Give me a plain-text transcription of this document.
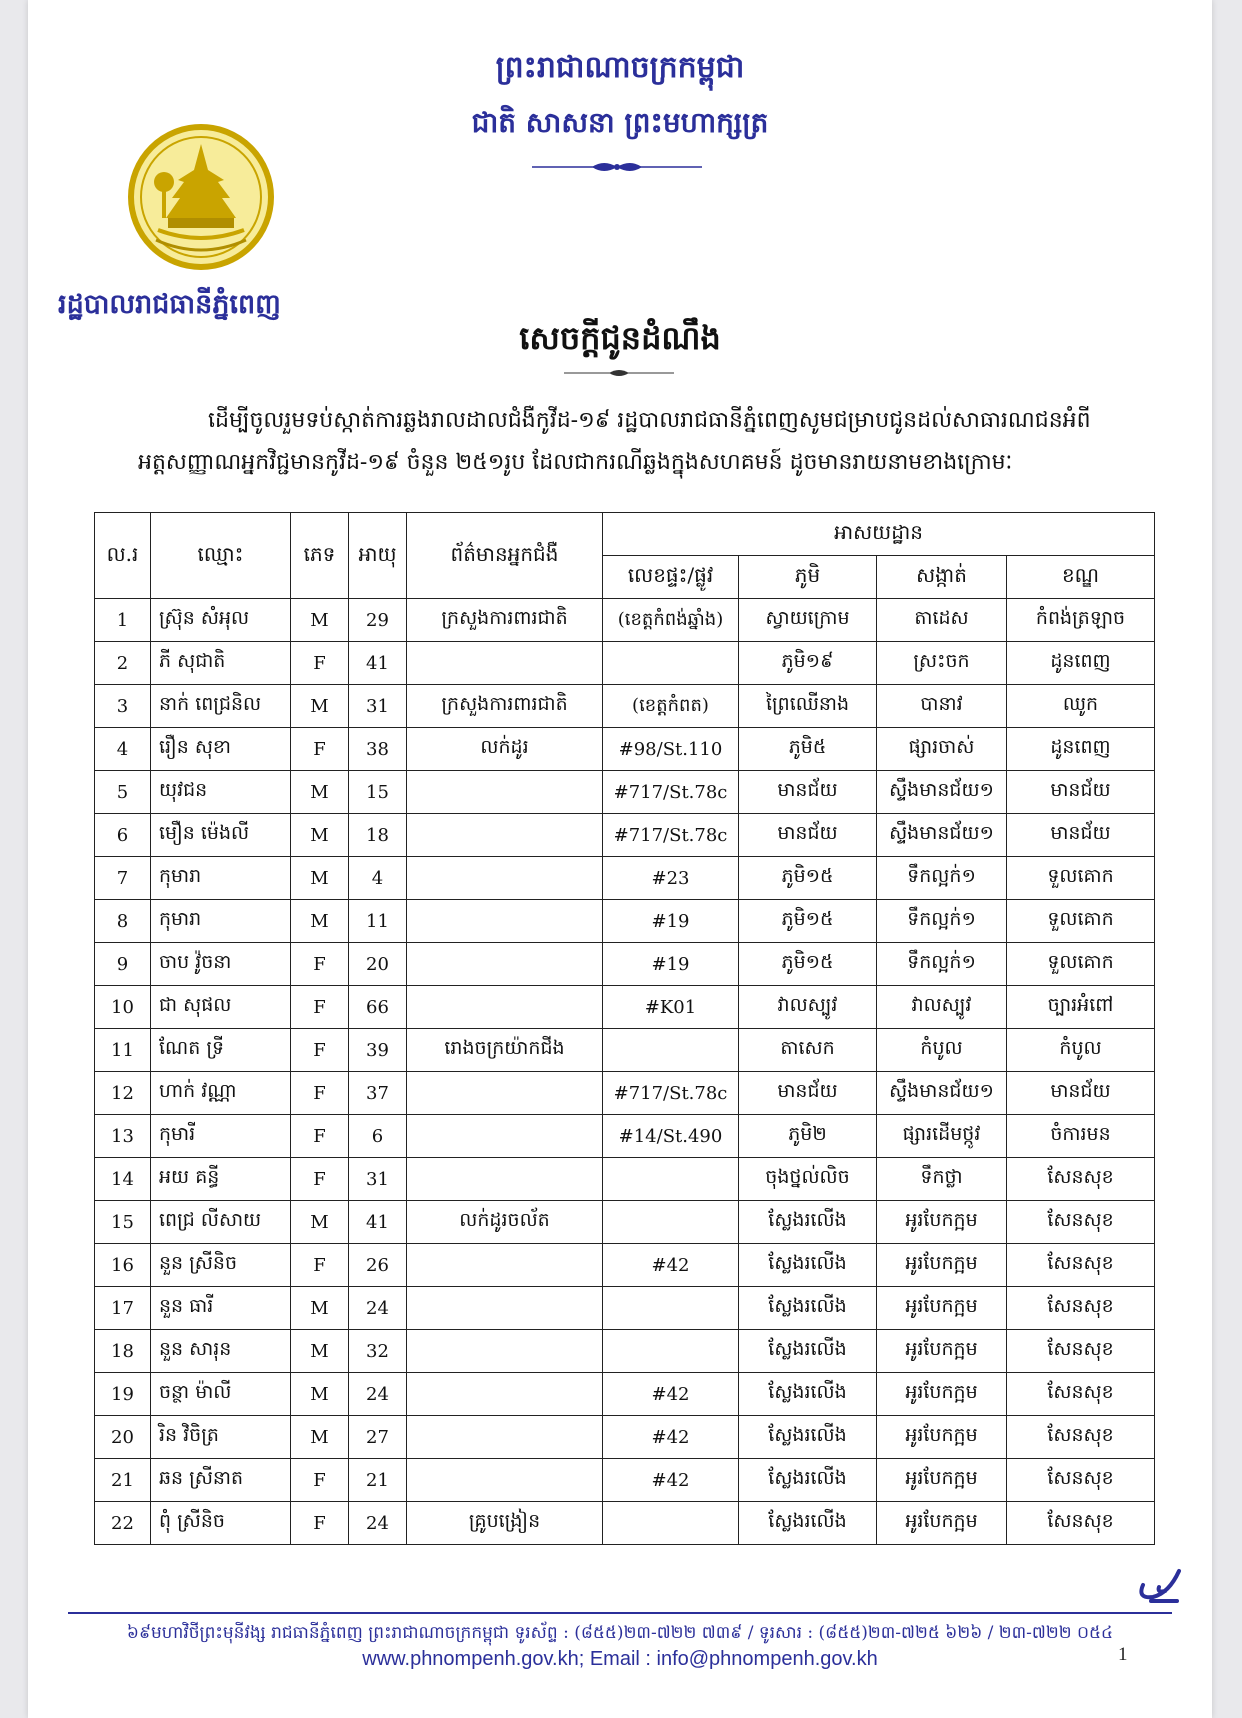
ព្រះរាជាណាចក្រកម្ពុជា
ជាតិ សាសនា ព្រះមហាក្សត្រ
រដ្ឋបាលរាជធានីភ្នំពេញ
សេចក្តីជូនដំណឹង
ដើម្បីចូលរួមទប់ស្កាត់ការឆ្លងរាលដាលជំងឺកូវីដ-១៩ រដ្ឋបាលរាជធានីភ្នំពេញសូមជម្រាបជូនដល់សាធារណជនអំពី
អត្តសញ្ញាណអ្នកវិជ្ជមានកូវីដ-១៩ ចំនួន ២៥១រូប ដែលជាករណីឆ្លងក្នុងសហគមន៍ ដូចមានរាយនាមខាងក្រោមៈ
ល.រ	ឈ្មោះ	ភេទ	អាយុ	ព័ត៌មានអ្នកជំងឺ	អាសយដ្ឋាន			
					លេខផ្ទះ/ផ្លូវ	ភូមិ	សង្កាត់	ខណ្ឌ
1	ស៊្រុន សំអុល	M	29	ក្រសួងការពារជាតិ	(ខេត្តកំពង់ឆ្នាំង)	ស្វាយក្រោម	តាដេស	កំពង់ត្រឡាច
2	ភី សុជាតិ	F	41			ភូមិ១៩	ស្រះចក	ដូនពេញ
3	នាក់ ពេជ្រនិល	M	31	ក្រសួងការពារជាតិ	(ខេត្តកំពត)	ព្រៃឈើនាង	បានាវ	ឈូក
4	រឿន សុខា	F	38	លក់ដូរ	#98/St.110	ភូមិ៥	ផ្សារចាស់	ដូនពេញ
5	យុវជន	M	15		#717/St.78c	មានជ័យ	ស្ទឹងមានជ័យ១	មានជ័យ
6	មឿន ម៉េងលី	M	18		#717/St.78c	មានជ័យ	ស្ទឹងមានជ័យ១	មានជ័យ
7	កុមារា	M	4		#23	ភូមិ១៥	ទឹកល្អក់១	ទួលគោក
8	កុមារា	M	11		#19	ភូមិ១៥	ទឹកល្អក់១	ទួលគោក
9	ចាប វ៉ូចនា	F	20		#19	ភូមិ១៥	ទឹកល្អក់១	ទួលគោក
10	ជា សុផល	F	66		#K01	វាលស្បូវ	វាលស្បូវ	ច្បារអំពៅ
11	ណែត ទ្រី	F	39	រោងចក្រយ៉ាកជីង		តាសេក	កំបូល	កំបូល
12	ហាក់ វណ្ណា	F	37		#717/St.78c	មានជ័យ	ស្ទឹងមានជ័យ១	មានជ័យ
13	កុមារី	F	6		#14/St.490	ភូមិ២	ផ្សារដើមថ្កូវ	ចំការមន
14	អយ គន្ធី	F	31			ចុងថ្នល់លិច	ទឹកថ្លា	សែនសុខ
15	ពេជ្រ លីសាយ	M	41	លក់ដូរចល័ត		ស្លែងរលើង	អូរបែកក្អម	សែនសុខ
16	នួន ស្រីនិច	F	26		#42	ស្លែងរលើង	អូរបែកក្អម	សែនសុខ
17	នួន ធារី	M	24			ស្លែងរលើង	អូរបែកក្អម	សែនសុខ
18	នួន សារុន	M	32			ស្លែងរលើង	អូរបែកក្អម	សែនសុខ
19	ចន្ថា ម៉ាលី	M	24		#42	ស្លែងរលើង	អូរបែកក្អម	សែនសុខ
20	រិន វិចិត្រ	M	27		#42	ស្លែងរលើង	អូរបែកក្អម	សែនសុខ
21	ឆន ស្រីនាត	F	21		#42	ស្លែងរលើង	អូរបែកក្អម	សែនសុខ
22	ពុំ ស្រីនិច	F	24	គ្រូបង្រៀន		ស្លែងរលើង	អូរបែកក្អម	សែនសុខ
៦៩មហាវិថីព្រះមុនីវង្ស រាជធានីភ្នំពេញ ព្រះរាជាណាចក្រកម្ពុជា ទូរស័ព្ទ : (៨៥៥)២៣-៧២២ ៧៣៩ / ទូរសារ : (៨៥៥)២៣-៧២៥ ៦២៦ / ២៣-៧២២ ០៥៤
www.phnompenh.gov.kh; Email : info@phnompenh.gov.kh	1
